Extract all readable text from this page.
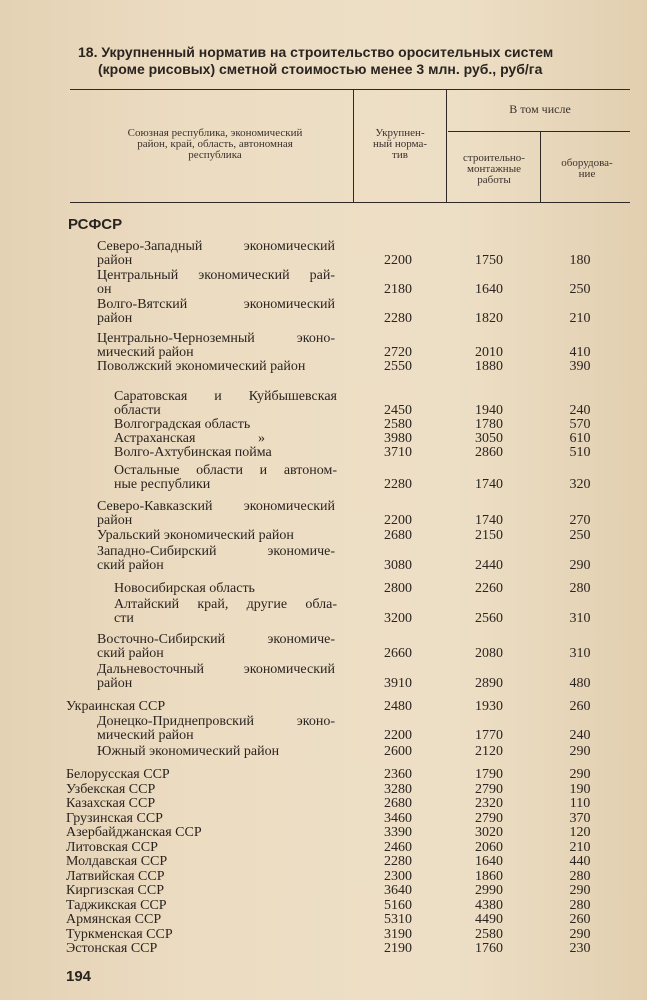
18. Укрупненный норматив на строительство оросительных систем
(кроме рисовых) сметной стоимостью менее 3 млн. руб., руб/га
Союзная республика, экономический
район, край, область, автономная
республика
Укрупнен-
ный норма-
тив
В том числе
строительно-
монтажные
работы
оборудова-
ние
РСФСР
Северо-Западный экономический
район	2200	1750	180
Центральный экономический рай-
он	2180	1640	250
Волго-Вятский экономический
район	2280	1820	210
Центрально-Черноземный эконо-
мический район	2720	2010	410
Поволжский экономический район	2550	1880	390
Саратовская и Куйбышевская
области	2450	1940	240
Волгоградская область	2580	1780	570
Астраханская	»	3980	3050	610
Волго-Ахтубинская пойма	3710	2860	510
Остальные области и автоном-
ные республики	2280	1740	320
Северо-Кавказский экономический
район	2200	1740	270
Уральский экономический район	2680	2150	250
Западно-Сибирский экономиче-
ский район	3080	2440	290
Новосибирская область	2800	2260	280
Алтайский край, другие обла-
сти	3200	2560	310
Восточно-Сибирский экономиче-
ский район	2660	2080	310
Дальневосточный экономический
район	3910	2890	480
Украинская ССР	2480	1930	260
Донецко-Приднепровский эконо-
мический район	2200	1770	240
Южный экономический район	2600	2120	290
Белорусская ССР	2360	1790	290
Узбекская ССР	3280	2790	190
Казахская ССР	2680	2320	110
Грузинская ССР	3460	2790	370
Азербайджанская ССР	3390	3020	120
Литовская ССР	2460	2060	210
Молдавская ССР	2280	1640	440
Латвийская ССР	2300	1860	280
Киргизская ССР	3640	2990	290
Таджикская ССР	5160	4380	280
Армянская ССР	5310	4490	260
Туркменская ССР	3190	2580	290
Эстонская ССР	2190	1760	230
194
